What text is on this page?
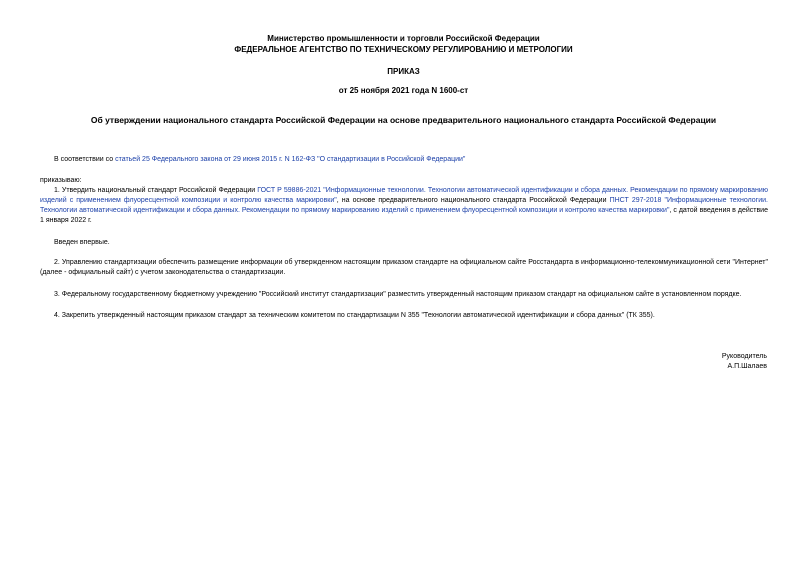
Министерство промышленности и торговли Российской Федерации
ФЕДЕРАЛЬНОЕ АГЕНТСТВО ПО ТЕХНИЧЕСКОМУ РЕГУЛИРОВАНИЮ И МЕТРОЛОГИИ
ПРИКАЗ
от 25 ноября 2021 года N 1600-ст
Об утверждении национального стандарта Российской Федерации на основе предварительного национального стандарта Российской Федерации
В соответствии со статьей 25 Федерального закона от 29 июня 2015 г. N 162-ФЗ "О стандартизации в Российской Федерации"
приказываю:
1. Утвердить национальный стандарт Российской Федерации ГОСТ Р 59886-2021 "Информационные технологии. Технологии автоматической идентификации и сбора данных. Рекомендации по прямому маркированию изделий с применением флуоресцентной композиции и контролю качества маркировки", на основе предварительного национального стандарта Российской Федерации ПНСТ 297-2018 "Информационные технологии. Технологии автоматической идентификации и сбора данных. Рекомендации по прямому маркированию изделий с применением флуоресцентной композиции и контролю качества маркировки", с датой введения в действие 1 января 2022 г.
Введен впервые.
2. Управлению стандартизации обеспечить размещение информации об утвержденном настоящим приказом стандарте на официальном сайте Росстандарта в информационно-телекоммуникационной сети "Интернет" (далее - официальный сайт) с учетом законодательства о стандартизации.
3. Федеральному государственному бюджетному учреждению "Российский институт стандартизации" разместить утвержденный настоящим приказом стандарт на официальном сайте в установленном порядке.
4. Закрепить утвержденный настоящим приказом стандарт за техническим комитетом по стандартизации N 355 "Технологии автоматической идентификации и сбора данных" (ТК 355).
Руководитель
А.П.Шалаев
